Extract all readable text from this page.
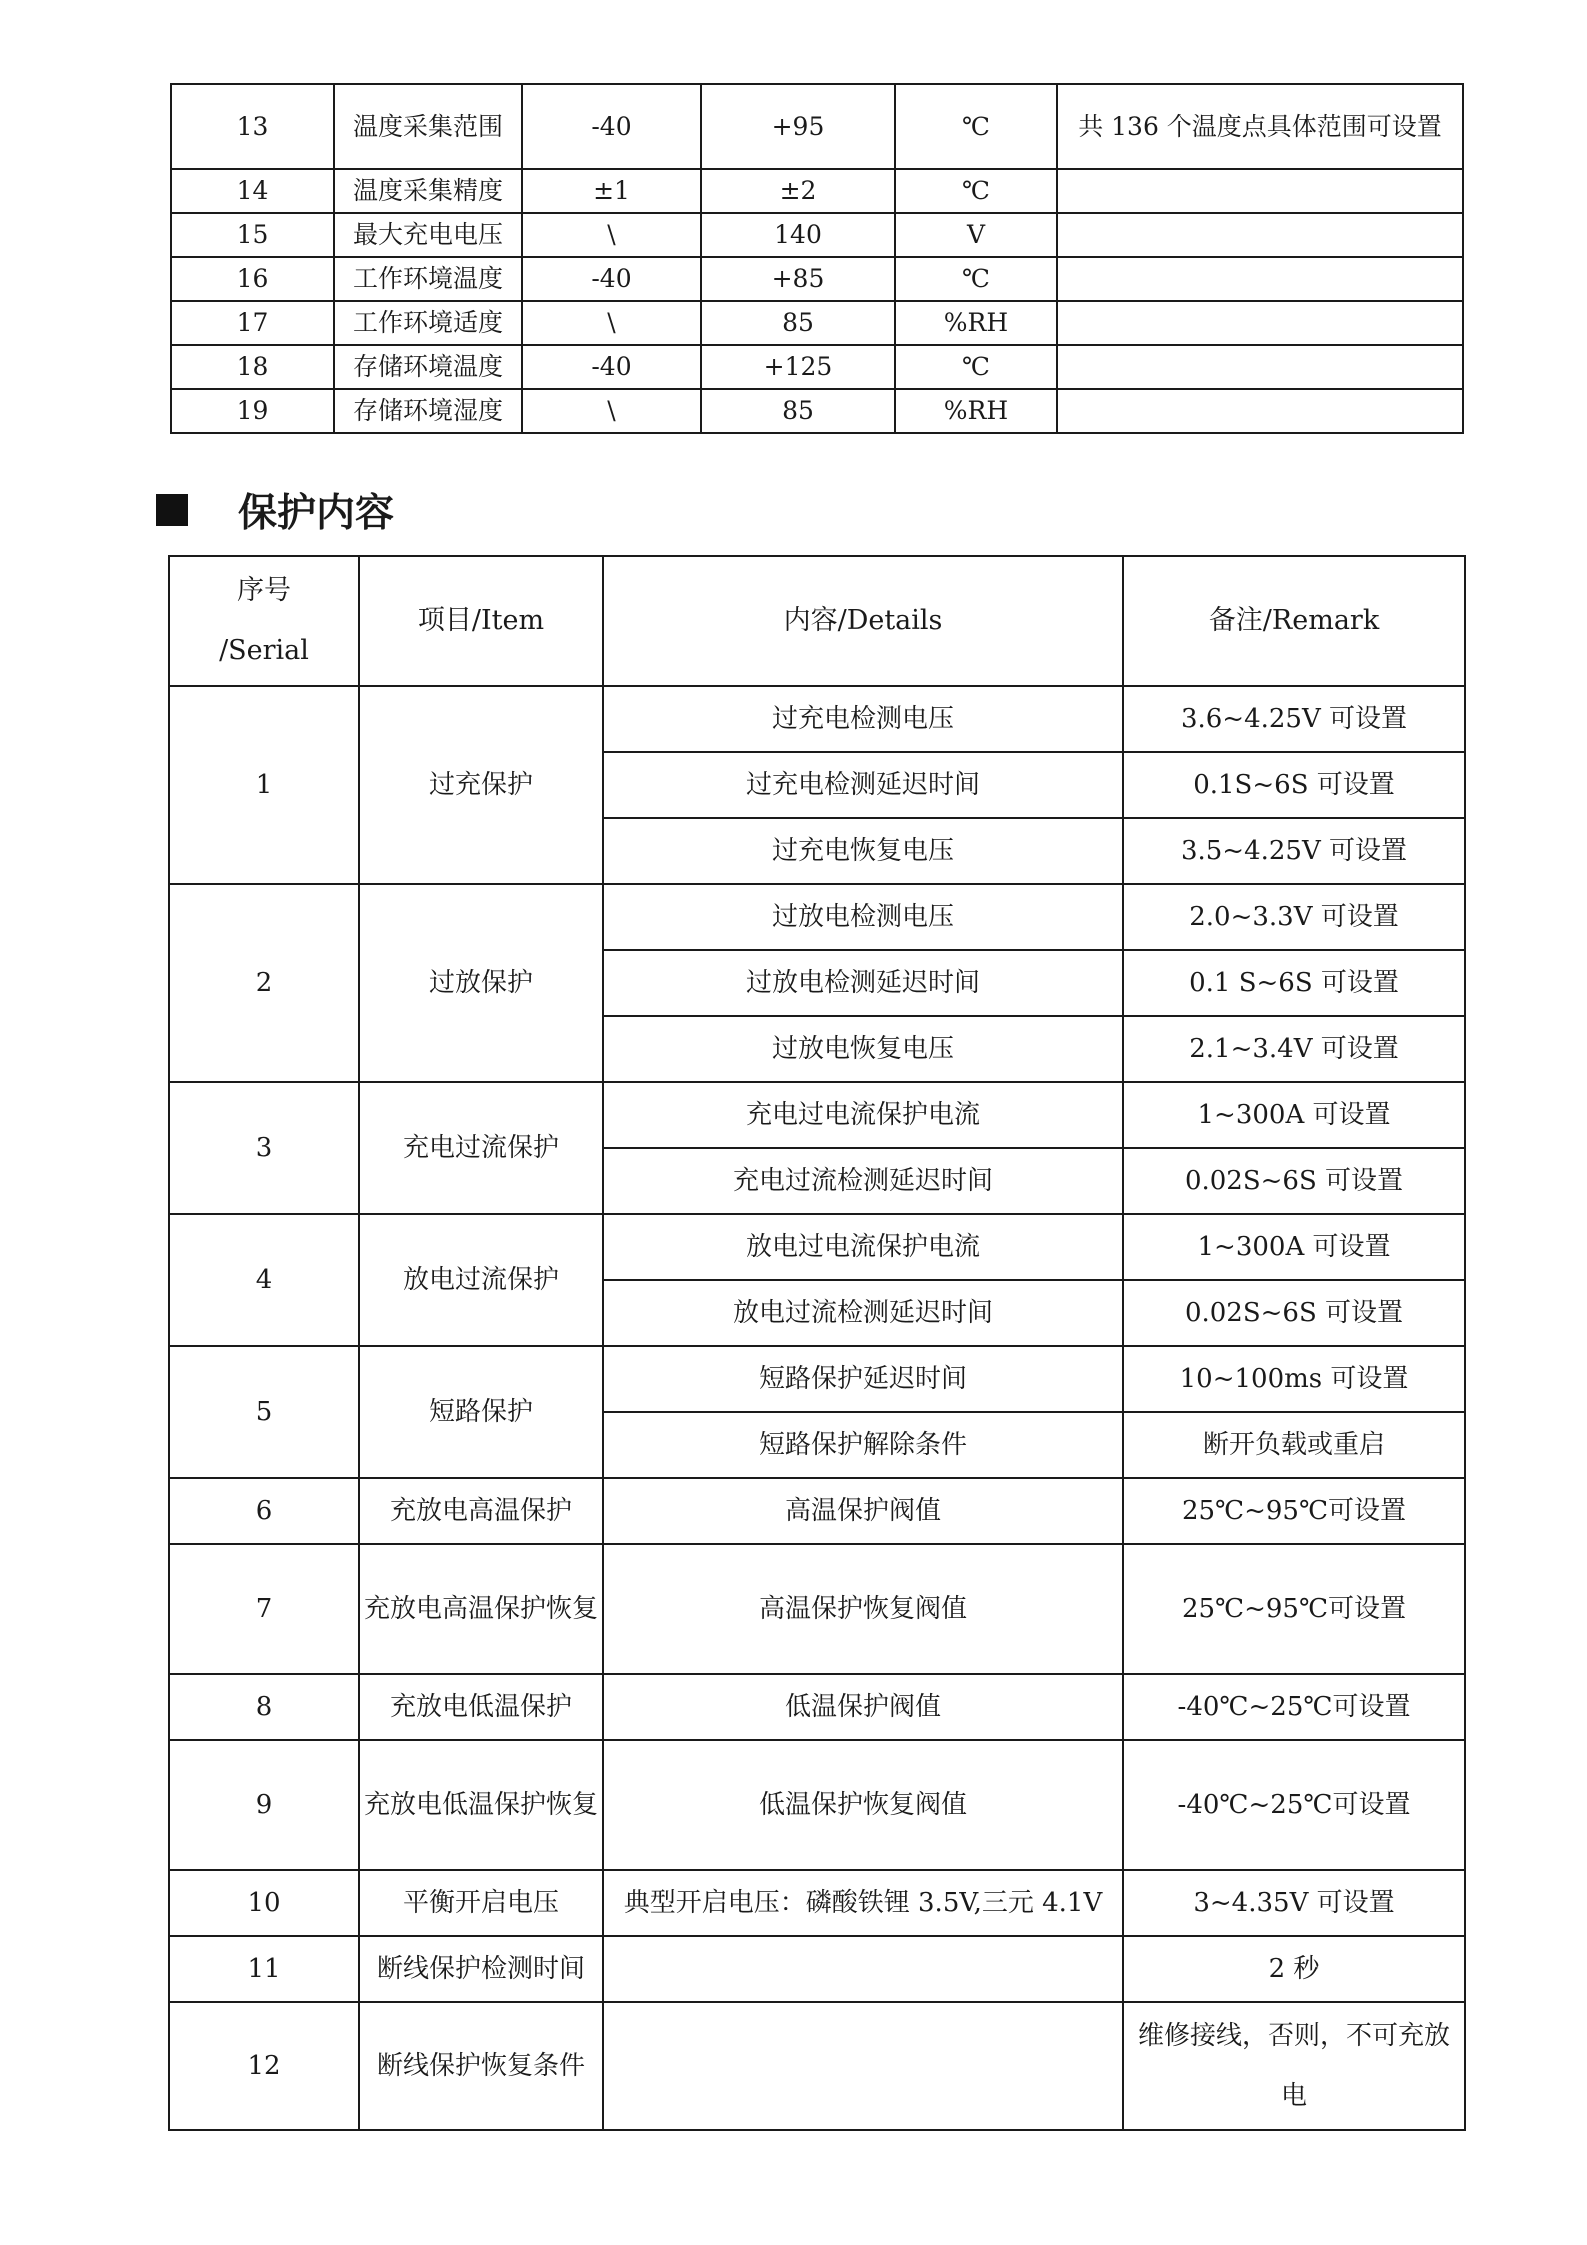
13	温度采集范围	-40	+95	℃	共 136 个温度点具体范围可设置
14	温度采集精度	±1	±2	℃	
15	最大充电电压	\	140	V	
16	工作环境温度	-40	+85	℃	
17	工作环境适度	\	85	%RH	
18	存储环境温度	-40	+125	℃	
19	存储环境湿度	\	85	%RH	
保护内容
序号
/Serial	项目/Item	内容/Details	备注/Remark
1	过充保护	过充电检测电压	3.6~4.25V 可设置
		过充电检测延迟时间	0.1S~6S 可设置
		过充电恢复电压	3.5~4.25V 可设置
2	过放保护	过放电检测电压	2.0~3.3V 可设置
		过放电检测延迟时间	0.1 S~6S 可设置
		过放电恢复电压	2.1~3.4V 可设置
3	充电过流保护	充电过电流保护电流	1~300A 可设置
		充电过流检测延迟时间	0.02S~6S 可设置
4	放电过流保护	放电过电流保护电流	1~300A 可设置
		放电过流检测延迟时间	0.02S~6S 可设置
5	短路保护	短路保护延迟时间	10~100ms 可设置
		短路保护解除条件	断开负载或重启
6	充放电高温保护	高温保护阀值	25℃~95℃可设置
7	充放电高温保护恢复	高温保护恢复阀值	25℃~95℃可设置
8	充放电低温保护	低温保护阀值	-40℃~25℃可设置
9	充放电低温保护恢复	低温保护恢复阀值	-40℃~25℃可设置
10	平衡开启电压	典型开启电压：磷酸铁锂 3.5V,三元 4.1V	3~4.35V 可设置
11	断线保护检测时间		2 秒
12	断线保护恢复条件		维修接线，否则，不可充放电
